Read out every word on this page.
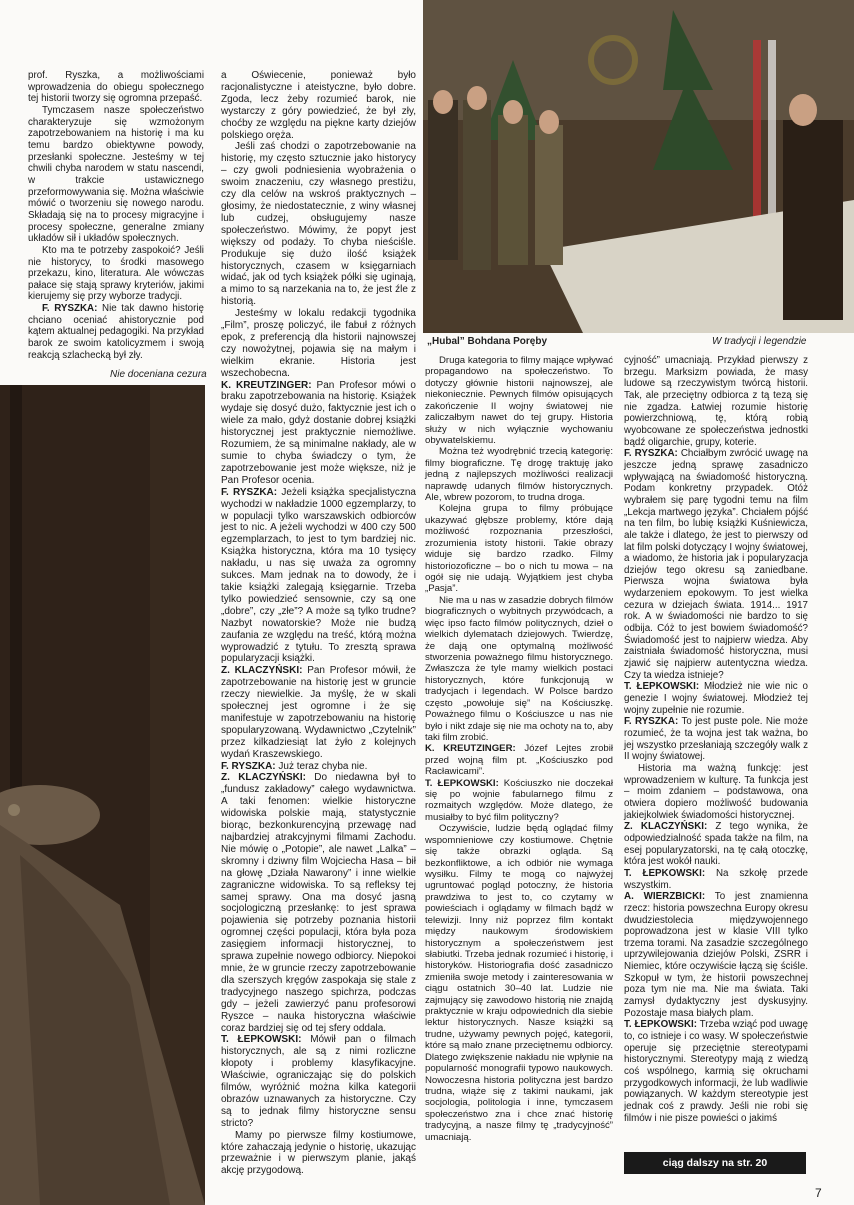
prof. Ryszka, a możliwościami wprowadzenia do obiegu społecznego tej historii tworzy się ogromna przepaść.

Tymczasem nasze społeczeństwo charakteryzuje się wzmożonym zapotrzebowaniem na historię i ma ku temu bardzo obiektywne powody, przesłanki społeczne. Jesteśmy w tej chwili chyba narodem w statu nascendi, w trakcie ustawicznego przeformowywania się. Można właściwie mówić o tworzeniu się nowego narodu. Składają się na to procesy migracyjne i procesy społeczne, generalne zmiany układów sił i układów społecznych.

Kto ma te potrzeby zaspokoić? Jeśli nie historycy, to środki masowego przekazu, kino, literatura. Ale wówczas pałace się stają sprawy kryteriów, jakimi kierujemy się przy wyborze tradycji.

F. RYSZKA: Nie tak dawno historię chciano oceniać ahistorycznie pod kątem aktualnej pedagogiki. Na przykład barok ze swoim katolicyzmem i swoją reakcją szlachecką był zły.

Nie doceniana cezura

a Oświecenie, ponieważ było racjonalistyczne i ateistyczne, było dobre. Zgoda, lecz żeby rozumieć barok, nie wystarczy z góry powiedzieć, że był zły, choćby ze względu na piękne karty dziejów polskiego oręża.

Jeśli zaś chodzi o zapotrzebowanie na historię, my często sztucznie jako historycy – czy gwoli podniesienia wyobrażenia o swoim znaczeniu, czy własnego prestiżu, czy dla celów na wskroś praktycznych – głosimy, że niedostatecznie, z winy własnej lub cudzej, obsługujemy nasze społeczeństwo. Mówimy, że popyt jest większy od podaży. To chyba nieściśle. Produkuje się dużo ilość książek historycznych, czasem w księgarniach widać, jak od tych książek półki się uginają, a mimo to są narzekania na to, że jest źle z historią.

Jesteśmy w lokalu redakcji tygodnika „Film”, proszę policzyć, ile fabuł z różnych epok, z preferencją dla historii najnowszej czy nowożytnej, pojawia się na małym i wielkim ekranie. Historia jest wszechobecna.

K. KREUTZINGER: Pan Profesor mówi o braku zapotrzebowania na historię. Książek wydaje się dosyć dużo, faktycznie jest ich o wiele za mało, gdyż dostanie dobrej książki historycznej jest praktycznie niemożliwe. Rozumiem, że są minimalne nakłady, ale w sumie to chyba świadczy o tym, że zapotrzebowanie jest może większe, niż je Pan Profesor ocenia.

F. RYSZKA: Jeżeli książka specjalistyczna wychodzi w nakładzie 1000 egzemplarzy, to w populacji tylko warszawskich odbiorców jest to nic. A jeżeli wychodzi w 400 czy 500 egzemplarzach, to jest to tym bardziej nic. Książka historyczna, która ma 10 tysięcy nakładu, u nas się uważa za ogromny sukces. Mam jednak na to dowody, że i takie książki zalegają księgarnie. Trzeba tylko powiedzieć sensownie, czy są one „dobre”, czy „złe”? A może są tylko trudne? Nazbyt nowatorskie? Może nie budzą zaufania ze względu na treść, którą można wyprowadzić z tytułu. To zresztą sprawa popularyzacji książki.

Z. KLACZYŃSKI: Pan Profesor mówił, że zapotrzebowanie na historię jest w gruncie rzeczy niewielkie. Ja myślę, że w skali społecznej jest ogromne i że się manifestuje w zapotrzebowaniu na historię spopularyzowaną. Wydawnictwo „Czytelnik” przez kilkadziesiąt lat żyło z kolejnych wydań Kraszewskiego.

F. RYSZKA: Już teraz chyba nie.

Z. KLACZYŃSKI: Do niedawna był to „fundusz zakładowy” całego wydawnictwa. A taki fenomen: wielkie historyczne widowiska polskie mają, statystycznie biorąc, bezkonkurencyjną przewagę nad najbardziej atrakcyjnymi filmami Zachodu. Nie mówię o „Potopie”, ale nawet „Lalka” – skromny i dziwny film Wojciecha Hasa – bił na głowę „Działa Nawarony” i inne wielkie zagraniczne widowiska. To są refleksy tej samej sprawy. Ona ma dosyć jasną socjologiczną przesłankę: to jest sprawa pojawienia się potrzeby poznania historii ogromnej części populacji, która była poza zasięgiem informacji historycznej, to sprawa zupełnie nowego odbiorcy. Niepokoi mnie, że w gruncie rzeczy zapotrzebowanie dla szerszych kręgów zaspokaja się stale z tradycyjnego naszego spichrza, podczas gdy – jeżeli zawierzyć panu profesorowi Ryszce – nauka historyczna właściwie coraz bardziej się od tej sfery oddala.

T. ŁEPKOWSKI: Mówił pan o filmach historycznych, ale są z nimi rozliczne kłopoty i problemy klasyfikacyjne. Właściwie, ograniczając się do polskich filmów, wyróżnić można kilka kategorii obrazów uznawanych za historyczne. Czy są to jednak filmy historyczne sensu stricto?

Mamy po pierwsze filmy kostiumowe, które zahaczają jedynie o historię, ukazując przeważnie i w pierwszym planie, jakąś akcję przygodową.

„Hubal” Bohdana Poręby	W tradycji i legendzie

Druga kategoria to filmy mające wpływać propagandowo na społeczeństwo. To dotyczy głównie historii najnowszej, ale niekoniecznie. Pewnych filmów opisujących zakończenie II wojny światowej nie zaliczałbym nawet do tej grupy. Historia służy w nich wyłącznie wychowaniu obywatelskiemu.

Można też wyodrębnić trzecią kategorię: filmy biograficzne. Tę drogę traktuję jako jedną z najlepszych możliwości realizacji naprawdę udanych filmów historycznych. Ale, wbrew pozorom, to trudna droga.

Kolejna grupa to filmy próbujące ukazywać głębsze problemy, które dają możliwość rozpoznania przeszłości, zrozumienia istoty historii. Takie obrazy widuje się bardzo rzadko. Filmy historiozoficzne – bo o nich tu mowa – na ogół się nie udają. Wyjątkiem jest chyba „Pasja”.

Nie ma u nas w zasadzie dobrych filmów biograficznych o wybitnych przywódcach, a więc ipso facto filmów politycznych, dzieł o wielkich dylematach dziejowych. Twierdzę, że dają one optymalną możliwość stworzenia poważnego filmu historycznego. Zwłaszcza że tyle mamy wielkich postaci historycznych, które funkcjonują w tradycjach i legendach. W Polsce bardzo często „powołuje się” na Kościuszkę. Poważnego filmu o Kościuszce u nas nie było i nikt zdaje się nie ma ochoty na to, aby taki film zrobić.

K. KREUTZINGER: Józef Lejtes zrobił przed wojną film pt. „Kościuszko pod Racławicami”.

T. ŁEPKOWSKI: Kościuszko nie doczekał się po wojnie fabularnego filmu z rozmaitych względów. Może dlatego, że musiałby to być film polityczny?

Oczywiście, ludzie będą oglądać filmy wspomnieniowe czy kostiumowe. Chętnie się także obrazki ogląda. Są bezkonfliktowe, a ich odbiór nie wymaga wysiłku. Filmy te mogą co najwyżej ugruntować pogląd potoczny, że historia prawdziwa to jest to, co czytamy w powieściach i oglądamy w filmach bądź w telewizji. Inny niż poprzez film kontakt między naukowym środowiskiem historycznym a społeczeństwem jest słabiutki. Trzeba jednak rozumieć i historię, i historyków. Historiografia dość zasadniczo zmieniła swoje metody i zainteresowania w ciągu ostatnich 30–40 lat. Ludzie nie zajmujący się zawodowo historią nie znajdą praktycznie w kraju odpowiednich dla siebie lektur historycznych. Nasze książki są trudne, używamy pewnych pojęć, kategorii, które są mało znane przeciętnemu odbiorcy. Dlatego zwiększenie nakładu nie wpłynie na popularność monografii typowo naukowych. Nowoczesna historia polityczna jest bardzo trudna, wiąże się z takimi naukami, jak socjologia, politologia i inne, tymczasem społeczeństwo zna i chce znać historię tradycyjną, a nasze filmy tę „tradycyjność” umacniają.

cyjność” umacniają. Przykład pierwszy z brzegu. Marksizm powiada, że masy ludowe są rzeczywistym twórcą historii. Tak, ale przeciętny odbiorca z tą tezą się nie zgadza. Łatwiej rozumie historię powierzchniową, tę, którą robią wyobcowane ze społeczeństwa jednostki bądź oligarchie, grupy, koterie.

F. RYSZKA: Chciałbym zwrócić uwagę na jeszcze jedną sprawę zasadniczo wpływającą na świadomość historyczną. Podam konkretny przypadek. Otóż wybrałem się parę tygodni temu na film „Lekcja martwego języka”. Chciałem pójść na ten film, bo lubię książki Kuśniewicza, ale także i dlatego, że jest to pierwszy od lat film polski dotyczący I wojny światowej, a wiadomo, że historia jak i popularyzacja dziejów tego okresu są zaniedbane. Pierwsza wojna światowa była wydarzeniem epokowym. To jest wielka cezura w dziejach świata. 1914... 1917 rok. A w świadomości nie bardzo to się odbija. Cóż to jest bowiem świadomość? Świadomość jest to najpierw wiedza. Aby zaistniała świadomość historyczna, musi zjawić się najpierw autentyczna wiedza. Czy ta wiedza istnieje?

T. ŁEPKOWSKI: Młodzież nie wie nic o genezie I wojny światowej. Młodzież tej wojny zupełnie nie rozumie.

F. RYSZKA: To jest puste pole. Nie może rozumieć, że ta wojna jest tak ważna, bo jej wszystko przesłaniają szczegóły walk z II wojny światowej.

Historia ma ważną funkcję: jest wprowadzeniem w kulturę. Ta funkcja jest – moim zdaniem – podstawowa, ona otwiera dopiero możliwość budowania jakiejkolwiek świadomości historycznej.

Z. KLACZYŃSKI: Z tego wynika, że odpowiedzialność spada także na film, na esej popularyzatorski, na tę całą otoczkę, która jest wokół nauki.

T. ŁEPKOWSKI: Na szkołę przede wszystkim.

A. WIERZBICKI: To jest znamienna rzecz: historia powszechna Europy okresu dwudziestolecia międzywojennego poprowadzona jest w klasie VIII tylko trzema torami. Na zasadzie szczególnego uprzywilejowania dziejów Polski, ZSRR i Niemiec, które oczywiście łączą się ściśle. Szkopuł w tym, że historii powszechnej poza tym nie ma. Nie ma świata. Taki zamysł dydaktyczny jest dyskusyjny. Pozostaje masa białych plam.

T. ŁEPKOWSKI: Trzeba wziąć pod uwagę to, co istnieje i co wasy. W społeczeństwie operuje się przeciętnie stereotypami historycznymi. Stereotypy mają z wiedzą coś wspólnego, karmią się okruchami przygodkowych informacji, że lub wadliwie powiązanych. W każdym stereotypie jest jednak coś z prawdy. Jeśli nie robi się filmów i nie pisze powieści o jakimś

ciąg dalszy na str. 20
7
